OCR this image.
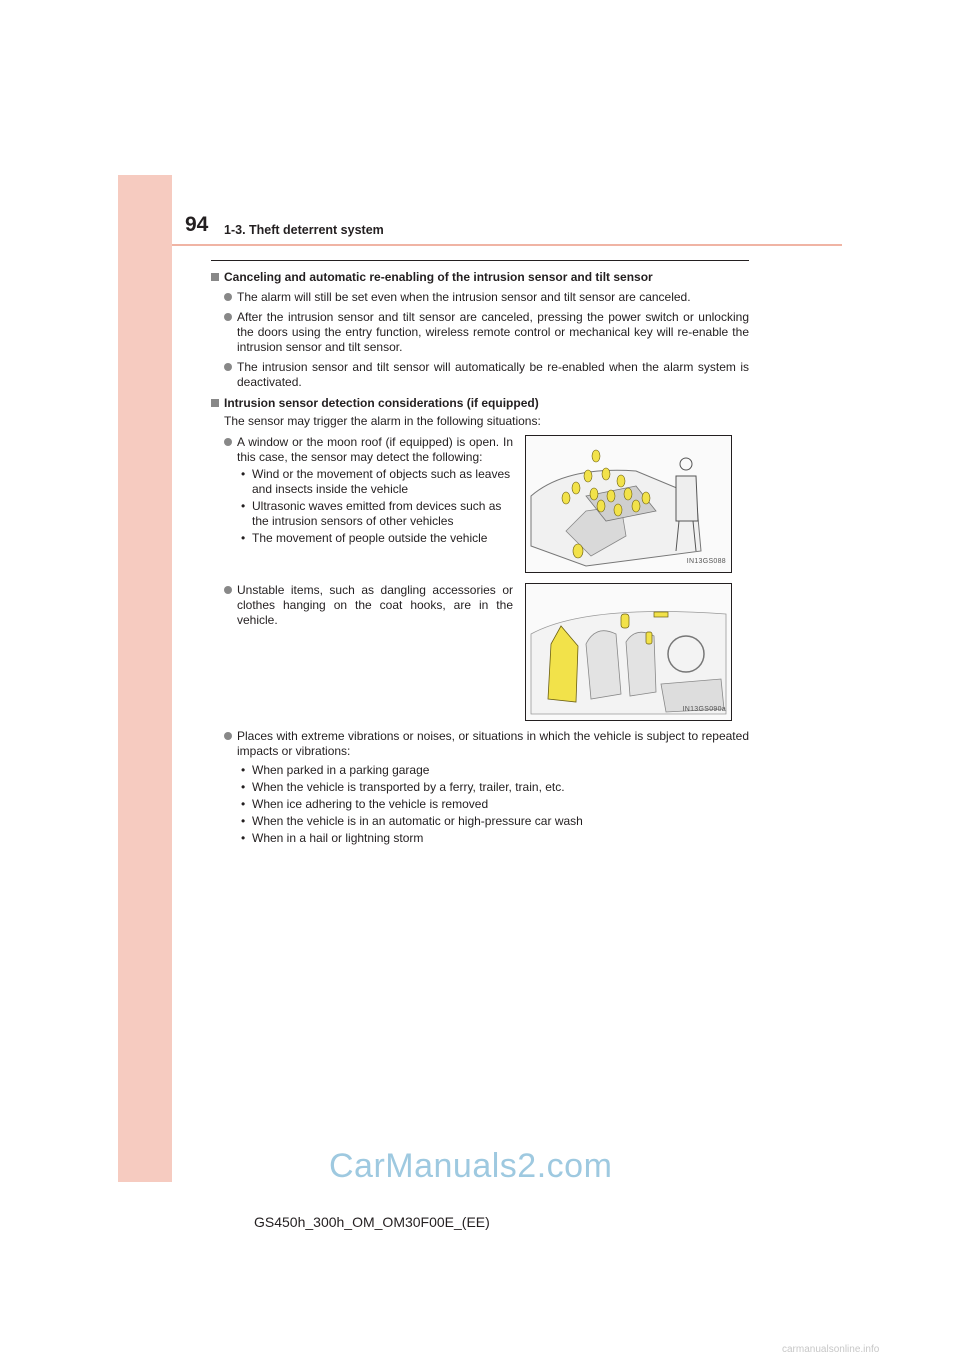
94 1-3. Theft deterrent system
Canceling and automatic re-enabling of the intrusion sensor and tilt sensor
The alarm will still be set even when the intrusion sensor and tilt sensor are canceled.
After the intrusion sensor and tilt sensor are canceled, pressing the power switch or unlocking the doors using the entry function, wireless remote control or mechanical key will re-enable the intrusion sensor and tilt sensor.
The intrusion sensor and tilt sensor will automatically be re-enabled when the alarm system is deactivated.
Intrusion sensor detection considerations (if equipped)
The sensor may trigger the alarm in the following situations:
A window or the moon roof (if equipped) is open. In this case, the sensor may detect the following:
• Wind or the movement of objects such as leaves and insects inside the vehicle
• Ultrasonic waves emitted from devices such as the intrusion sensors of other vehicles
• The movement of people outside the vehicle
IN13GS088
Unstable items, such as dangling accessories or clothes hanging on the coat hooks, are in the vehicle.
IN13GS090a
Places with extreme vibrations or noises, or situations in which the vehicle is subject to repeated impacts or vibrations:
• When parked in a parking garage
• When the vehicle is transported by a ferry, trailer, train, etc.
• When ice adhering to the vehicle is removed
• When the vehicle is in an automatic or high-pressure car wash
• When in a hail or lightning storm
CarManuals2.com
GS450h_300h_OM_OM30F00E_(EE)
carmanualsonline.info
